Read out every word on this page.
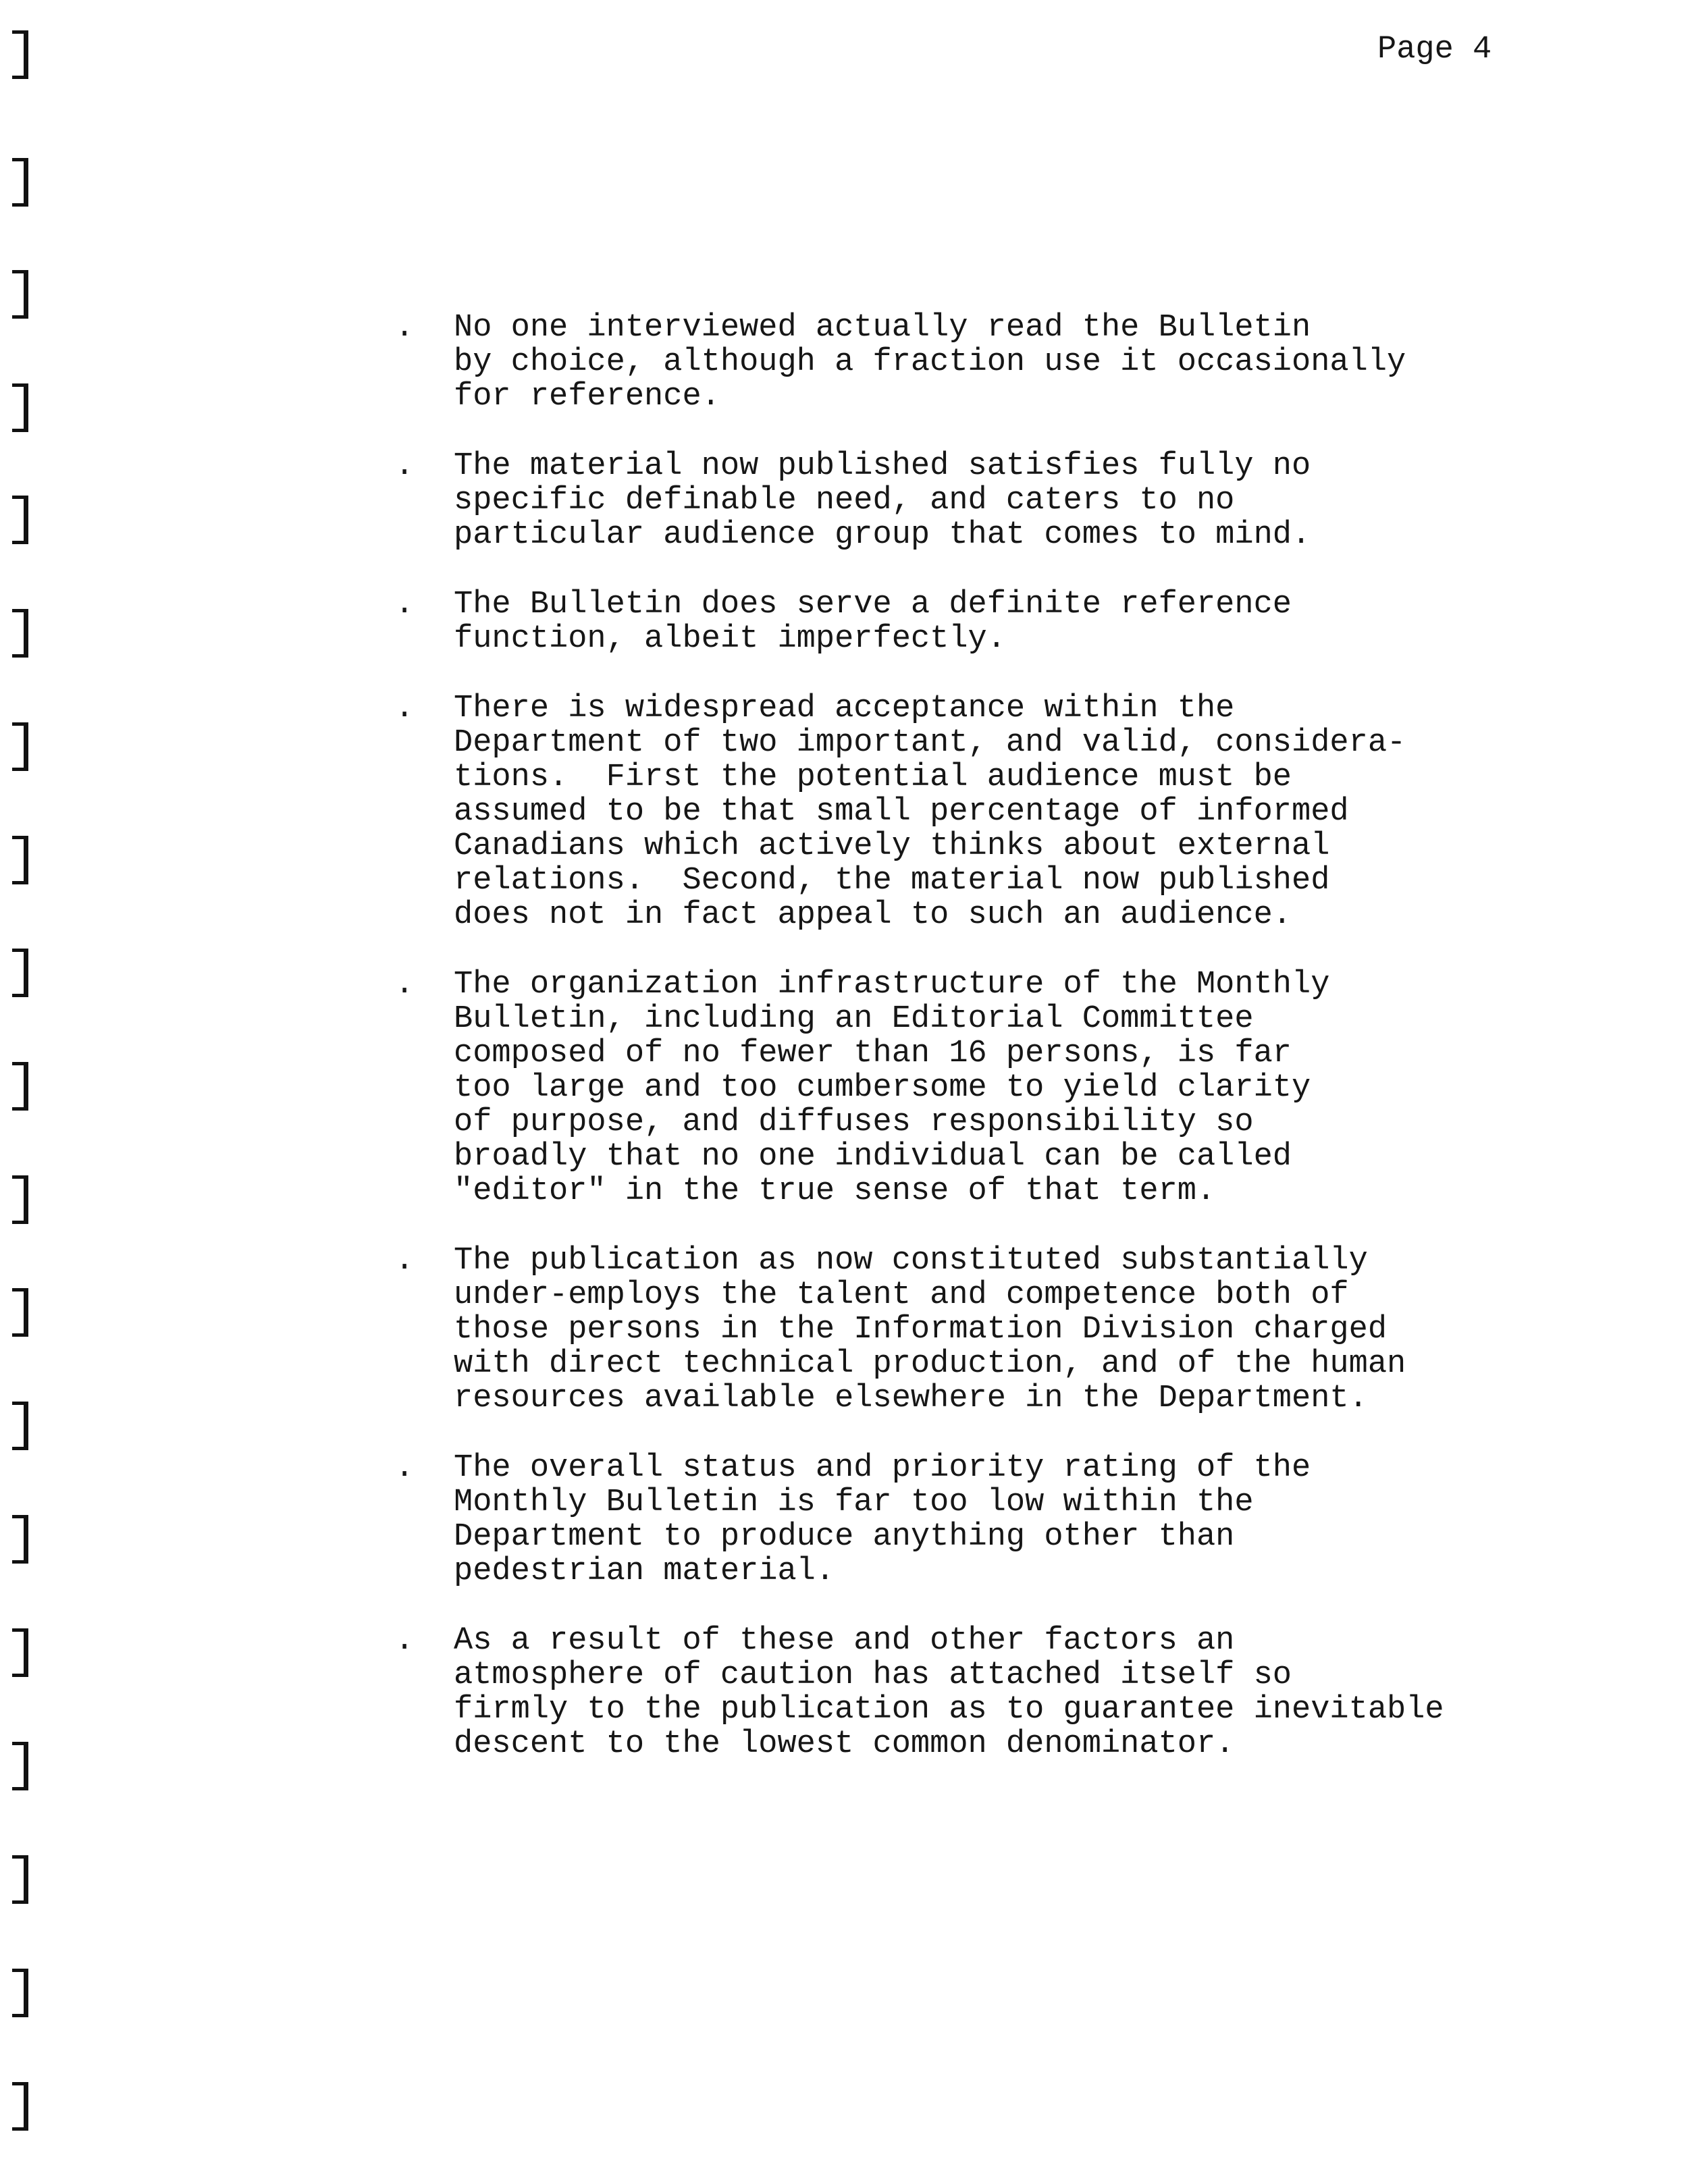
Page 4
. No one interviewed actually read the Bulletin
by choice, although a fraction use it occasionally
for reference.
. The material now published satisfies fully no
specific definable need, and caters to no
particular audience group that comes to mind.
. The Bulletin does serve a definite reference
function, albeit imperfectly.
. There is widespread acceptance within the
Department of two important, and valid, considera-
tions.  First the potential audience must be
assumed to be that small percentage of informed
Canadians which actively thinks about external
relations.  Second, the material now published
does not in fact appeal to such an audience.
. The organization infrastructure of the Monthly
Bulletin, including an Editorial Committee
composed of no fewer than 16 persons, is far
too large and too cumbersome to yield clarity
of purpose, and diffuses responsibility so
broadly that no one individual can be called
"editor" in the true sense of that term.
. The publication as now constituted substantially
under-employs the talent and competence both of
those persons in the Information Division charged
with direct technical production, and of the human
resources available elsewhere in the Department.
. The overall status and priority rating of the
Monthly Bulletin is far too low within the
Department to produce anything other than
pedestrian material.
. As a result of these and other factors an
atmosphere of caution has attached itself so
firmly to the publication as to guarantee inevitable
descent to the lowest common denominator.
